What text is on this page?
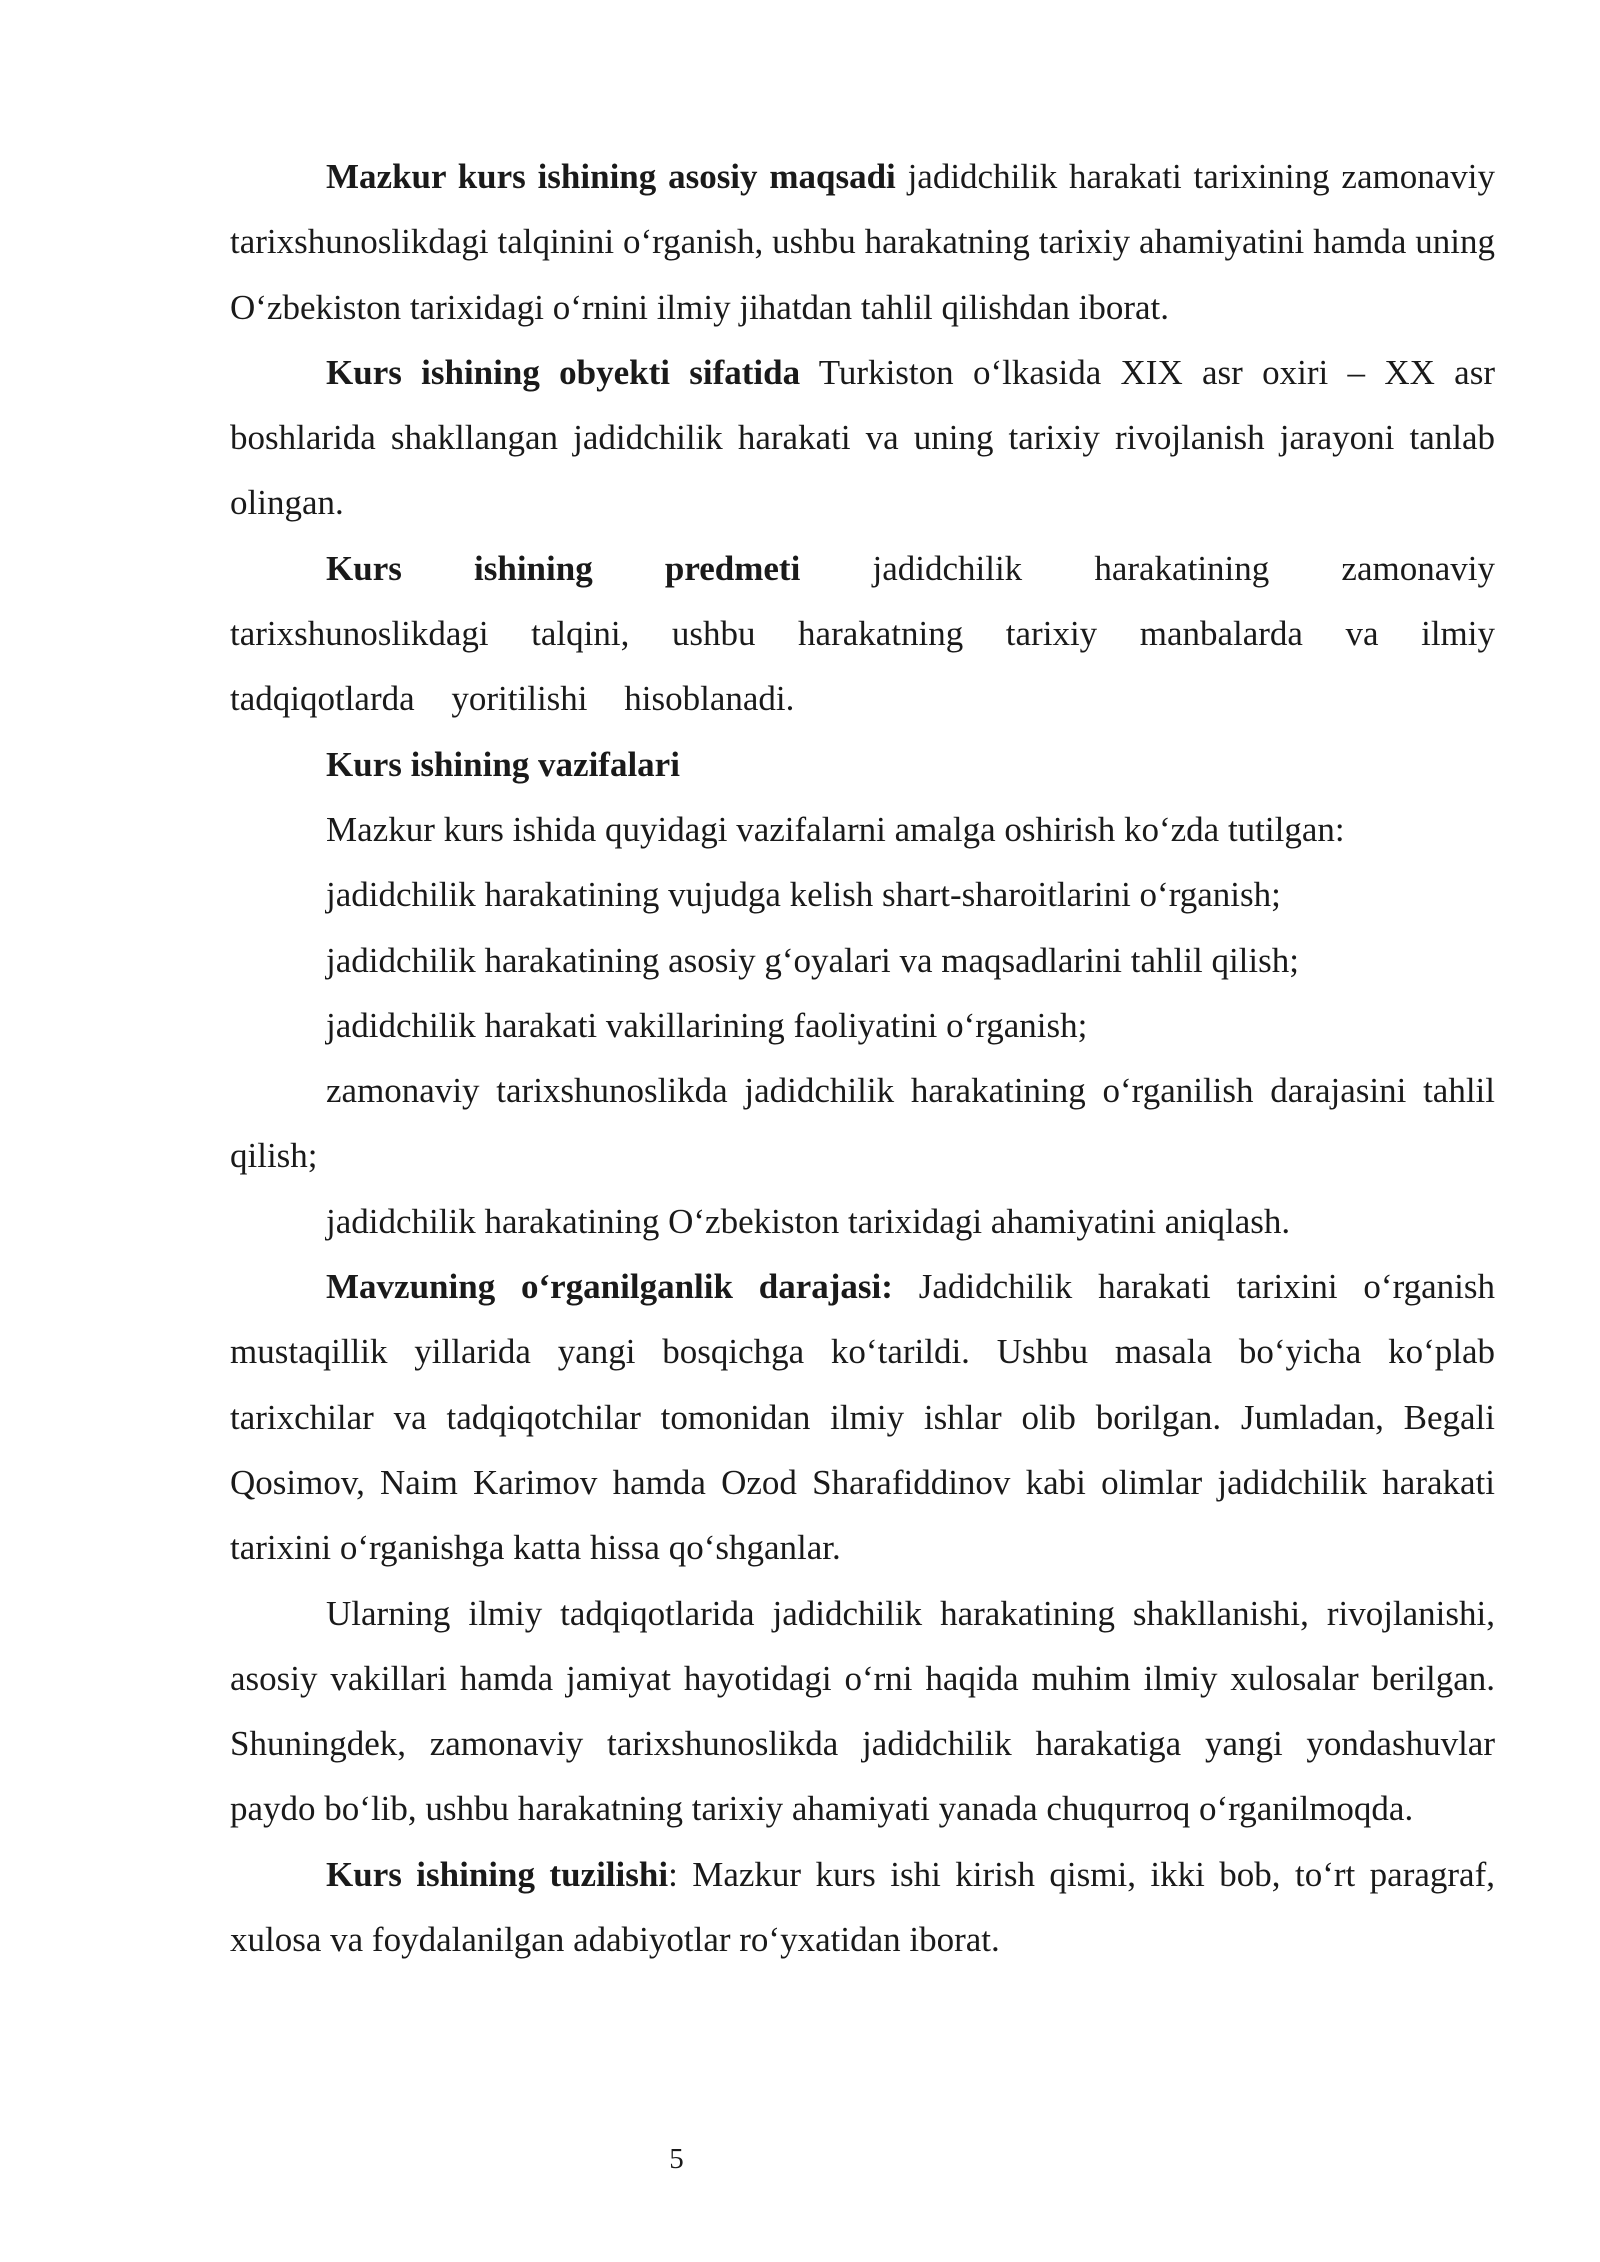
Mazkur kurs ishining asosiy maqsadi jadidchilik harakati tarixining zamonaviy tarixshunoslikdagi talqinini oʻrganish, ushbu harakatning tarixiy ahamiyatini hamda uning Oʻzbekiston tarixidagi oʻrnini ilmiy jihatdan tahlil qilishdan iborat.

Kurs ishining obyekti sifatida Turkiston oʻlkasida XIX asr oxiri – XX asr boshlarida shakllangan jadidchilik harakati va uning tarixiy rivojlanish jarayoni tanlab olingan.

Kurs ishining predmeti jadidchilik harakatining zamonaviy tarixshunoslikdagi talqini, ushbu harakatning tarixiy manbalarda va ilmiy tadqiqotlarda yoritilishi hisoblanadi.

Kurs ishining vazifalari

Mazkur kurs ishida quyidagi vazifalarni amalga oshirish koʻzda tutilgan:

jadidchilik harakatining vujudga kelish shart-sharoitlarini oʻrganish;

jadidchilik harakatining asosiy gʻoyalari va maqsadlarini tahlil qilish;

jadidchilik harakati vakillarining faoliyatini oʻrganish;

zamonaviy tarixshunoslikda jadidchilik harakatining oʻrganilish darajasini tahlil qilish;

jadidchilik harakatining Oʻzbekiston tarixidagi ahamiyatini aniqlash.

Mavzuning oʻrganilganlik darajasi: Jadidchilik harakati tarixini oʻrganish mustaqillik yillarida yangi bosqichga koʻtarildi. Ushbu masala boʻyicha koʻplab tarixchilar va tadqiqotchilar tomonidan ilmiy ishlar olib borilgan. Jumladan, Begali Qosimov, Naim Karimov hamda Ozod Sharafiddinov kabi olimlar jadidchilik harakati tarixini oʻrganishga katta hissa qoʻshganlar.

Ularning ilmiy tadqiqotlarida jadidchilik harakatining shakllanishi, rivojlanishi, asosiy vakillari hamda jamiyat hayotidagi oʻrni haqida muhim ilmiy xulosalar berilgan. Shuningdek, zamonaviy tarixshunoslikda jadidchilik harakatiga yangi yondashuvlar paydo boʻlib, ushbu harakatning tarixiy ahamiyati yanada chuqurroq oʻrganilmoqda.

Kurs ishining tuzilishi: Mazkur kurs ishi kirish qismi, ikki bob, toʻrt paragraf, xulosa va foydalanilgan adabiyotlar roʻyxatidan iborat.

5
